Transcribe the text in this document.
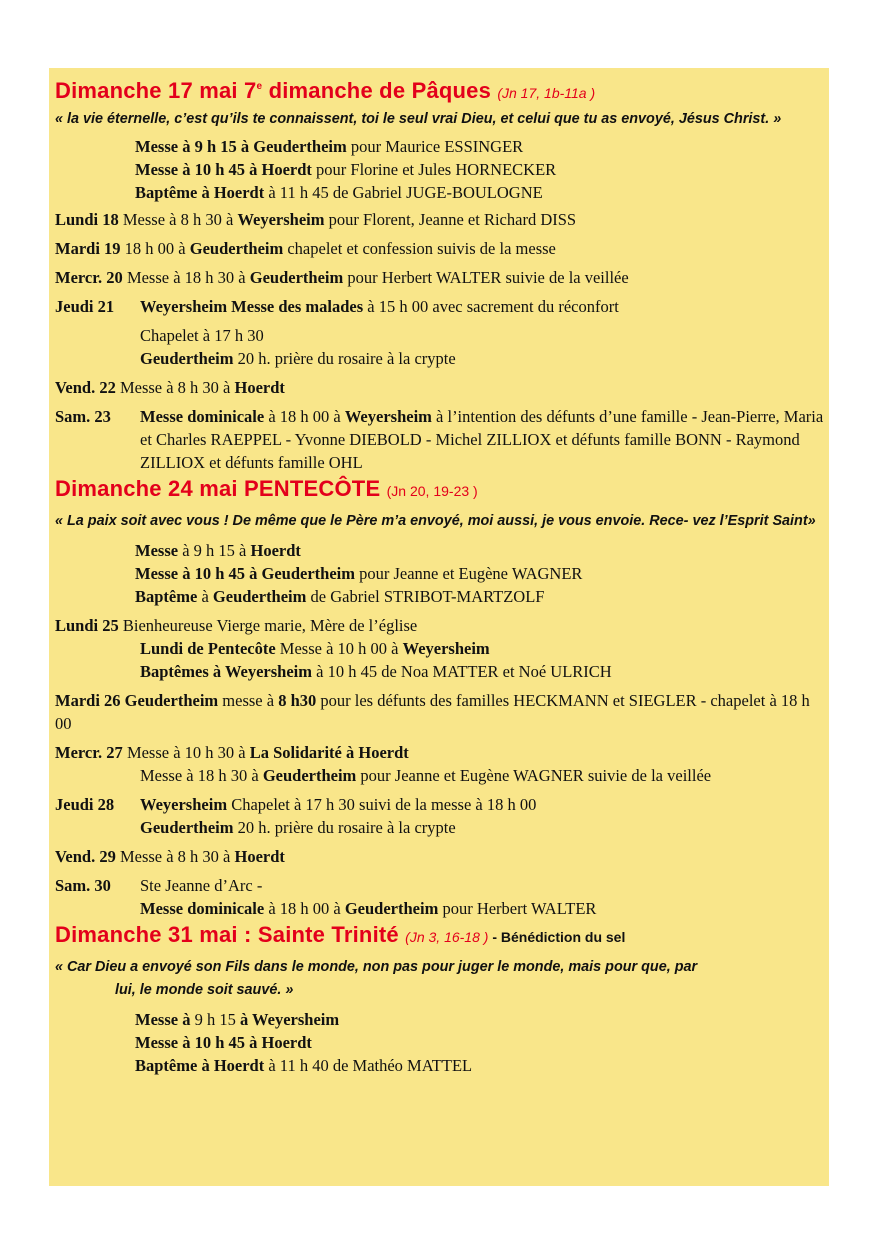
Dimanche 17 mai 7e dimanche de Pâques (Jn 17, 1b-11a )
« la vie éternelle, c’est qu’ils te connaissent, toi le seul vrai Dieu, et celui que tu as envoyé, Jésus Christ. »
Messe à 9 h 15 à Geudertheim pour Maurice ESSINGER
Messe à 10 h 45 à Hoerdt pour Florine et Jules HORNECKER
Baptême à Hoerdt à 11 h 45 de Gabriel JUGE-BOULOGNE
Lundi 18 Messe à 8 h 30 à Weyersheim pour Florent, Jeanne et Richard DISS
Mardi 19 18 h 00 à Geudertheim chapelet et confession suivis de la messe
Mercr. 20 Messe à 18 h 30 à Geudertheim pour Herbert WALTER suivie de la veillée
Jeudi 21	Weyersheim Messe des malades à 15 h 00 avec sacrement du réconfort
Chapelet à 17 h 30
Geudertheim 20 h. prière du rosaire à la crypte
Vend. 22 Messe à 8 h 30 à Hoerdt
Sam. 23	Messe dominicale à 18 h 00 à Weyersheim à l’intention des défunts d’une famille - Jean-Pierre, Maria et Charles RAEPPEL - Yvonne DIEBOLD - Michel ZILLIOX et défunts famille BONN - Raymond ZILLIOX et défunts famille OHL
Dimanche 24 mai PENTECÔTE (Jn 20, 19-23 )
« La paix soit avec vous ! De même que le Père m’a envoyé, moi aussi, je vous envoie. Rece- vez l’Esprit Saint»
Messe à 9 h 15 à Hoerdt
Messe à 10 h 45 à Geudertheim pour Jeanne et Eugène WAGNER
Baptême à Geudertheim de Gabriel STRIBOT-MARTZOLF
Lundi 25 Bienheureuse Vierge marie, Mère de l’église
Lundi de Pentecôte Messe à 10 h 00 à Weyersheim
Baptêmes à Weyersheim à 10 h 45 de Noa MATTER et Noé ULRICH
Mardi 26 Geudertheim messe à 8 h30 pour les défunts des familles HECKMANN et SIEGLER - chapelet à 18 h 00
Mercr. 27 Messe à 10 h 30 à La Solidarité à Hoerdt
Messe à 18 h 30 à Geudertheim pour Jeanne et Eugène WAGNER suivie de la veillée
Jeudi 28	Weyersheim Chapelet à 17 h 30 suivi de la messe à 18 h 00
Geudertheim 20 h. prière du rosaire à la crypte
Vend. 29 Messe à 8 h 30 à Hoerdt
Sam. 30	Ste Jeanne d’Arc -
Messe dominicale à 18 h 00 à Geudertheim pour Herbert WALTER
Dimanche 31 mai : Sainte Trinité (Jn 3, 16-18 ) - Bénédiction du sel
« Car Dieu a envoyé son Fils dans le monde, non pas pour juger le monde, mais pour que, par
lui, le monde soit sauvé. »
Messe à 9 h 15 à Weyersheim
Messe à 10 h 45 à Hoerdt
Baptême à Hoerdt à 11 h 40 de Mathéo MATTEL
